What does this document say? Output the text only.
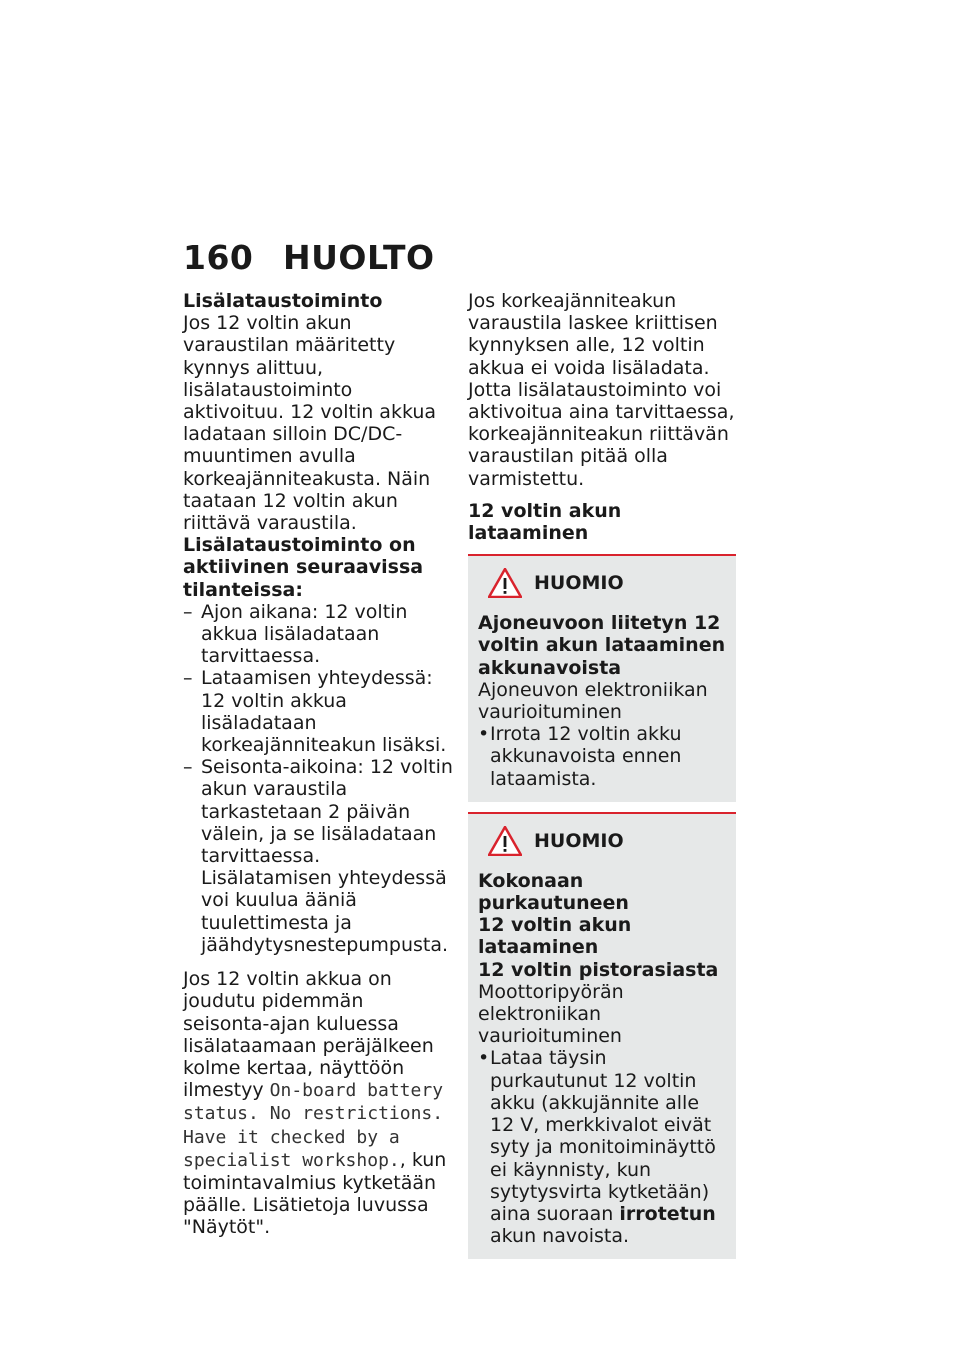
160 HUOLTO

Lisälataustoiminto

Jos 12 voltin akun varaustilan määritetty kynnys alittuu, lisälataustoiminto aktivoituu. 12 voltin akkua ladataan silloin DC/DC-muuntimen avulla korkeajänniteakusta. Näin taataan 12 voltin akun riittävä varaustila.

Lisälataustoiminto on aktiivinen seuraavissa tilanteissa:

– Ajon aikana: 12 voltin akkua lisäladataan tarvittaessa.

– Lataamisen yhteydessä: 12 voltin akkua lisäladataan korkeajänniteakun lisäksi.

– Seisonta-aikoina: 12 voltin akun varaustila tarkastetaan 2 päivän välein, ja se lisäladataan tarvittaessa. Lisälatamisen yhteydessä voi kuulua ääniä tuulettimesta ja jäähdytysnestepumpusta.

Jos 12 voltin akkua on joudutu pidemmän seisonta-ajan kuluessa lisälataamaan peräjälkeen kolme kertaa, näyttöön ilmestyy On-board battery status. No restrictions. Have it checked by a specialist workshop., kun toimintavalmius kytketään päälle. Lisätietoja luvussa "Näytöt".

Jos korkeajänniteakun varaustila laskee kriittisen kynnyksen alle, 12 voltin akkua ei voida lisäladata. Jotta lisälataustoiminto voi aktivoitua aina tarvittaessa, korkeajänniteakun riittävän varaustilan pitää olla varmistettu.

12 voltin akun lataaminen

HUOMIO

Ajoneuvoon liitetyn 12 voltin akun lataaminen akkunavoista

Ajoneuvon elektroniikan vaurioituminen

• Irrota 12 voltin akku akkunavoista ennen lataamista.

HUOMIO

Kokonaan purkautuneen

12 voltin akun lataaminen

12 voltin pistorasiasta

Moottoripyörän elektroniikan vaurioituminen

• Lataa täysin purkautunut 12 voltin akku (akkujännite alle 12 V, merkkivalot eivät syty ja monitoiminäyttö ei käynnisty, kun sytytysvirta kytketään) aina suoraan irrotetun akun navoista.
